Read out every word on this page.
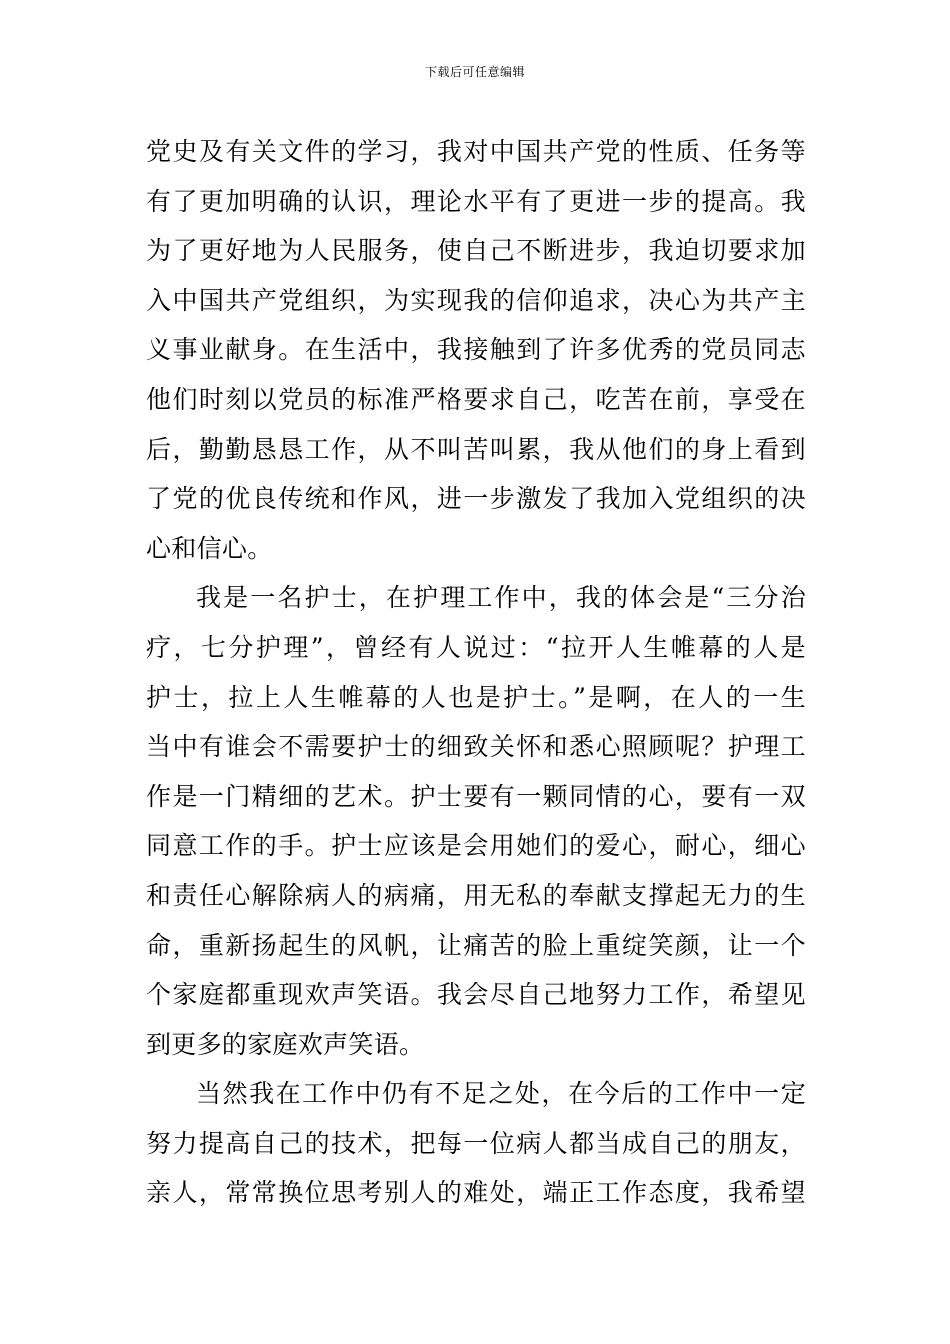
下载后可任意编辑
党史及有关文件的学习，我对中国共产党的性质、任务等
有了更加明确的认识，理论水平有了更进一步的提高。我
为了更好地为人民服务，使自己不断进步，我迫切要求加
入中国共产党组织，为实现我的信仰追求，决心为共产主
义事业献身。在生活中，我接触到了许多优秀的党员同志
他们时刻以党员的标准严格要求自己，吃苦在前，享受在
后，勤勤恳恳工作，从不叫苦叫累，我从他们的身上看到
了党的优良传统和作风，进一步激发了我加入党组织的决
心和信心。
我是一名护士，在护理工作中，我的体会是“三分治
疗，七分护理”，曾经有人说过：“拉开人生帷幕的人是
护士，拉上人生帷幕的人也是护士。”是啊，在人的一生
当中有谁会不需要护士的细致关怀和悉心照顾呢？护理工
作是一门精细的艺术。护士要有一颗同情的心，要有一双
同意工作的手。护士应该是会用她们的爱心，耐心，细心
和责任心解除病人的病痛，用无私的奉献支撑起无力的生
命，重新扬起生的风帆，让痛苦的脸上重绽笑颜，让一个
个家庭都重现欢声笑语。我会尽自己地努力工作，希望见
到更多的家庭欢声笑语。
当然我在工作中仍有不足之处，在今后的工作中一定
努力提高自己的技术，把每一位病人都当成自己的朋友，
亲人，常常换位思考别人的难处，端正工作态度，我希望
